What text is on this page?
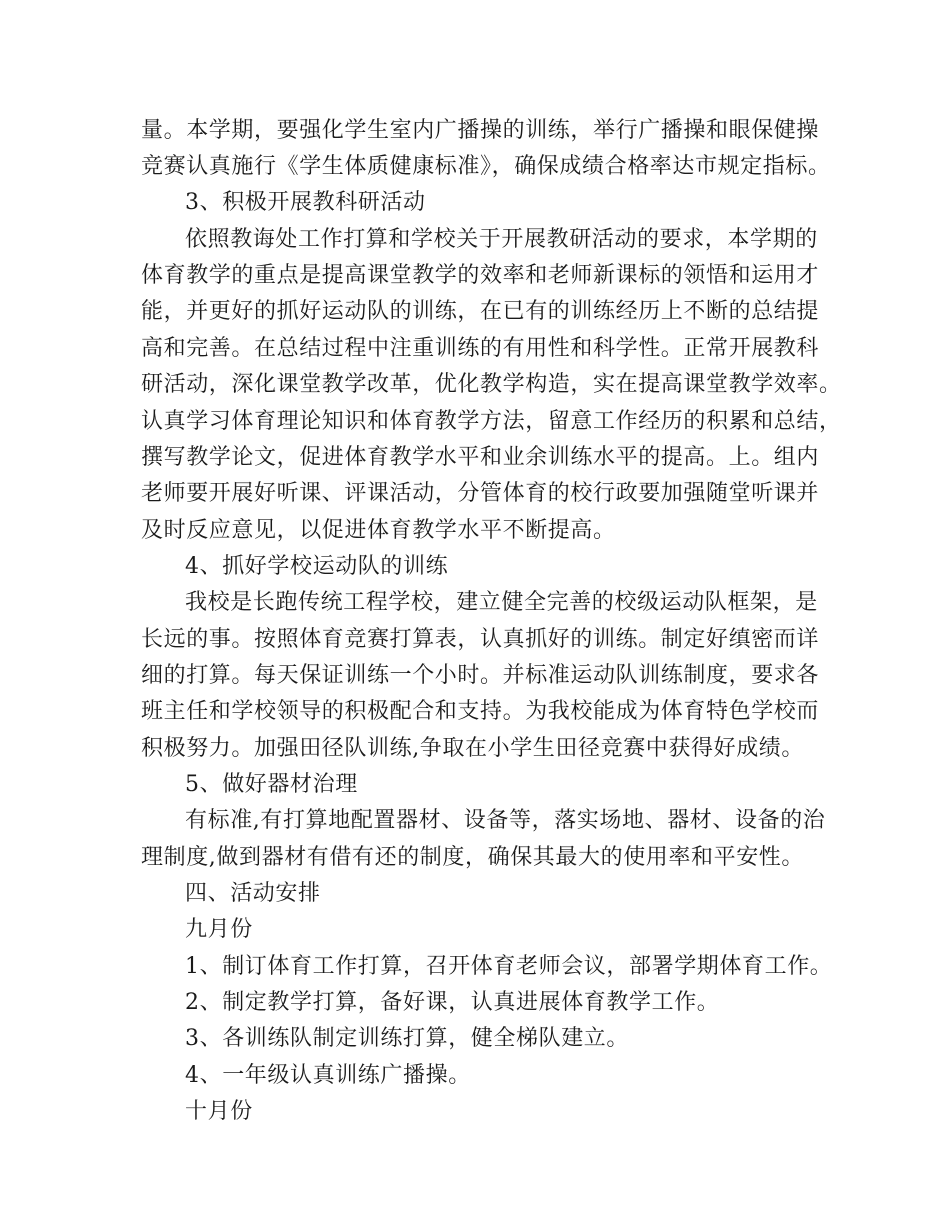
量。本学期，要强化学生室内广播操的训练，举行广播操和眼保健操
竞赛认真施行《学生体质健康标准》，确保成绩合格率达市规定指标。
3、积极开展教科研活动
依照教诲处工作打算和学校关于开展教研活动的要求，本学期的
体育教学的重点是提高课堂教学的效率和老师新课标的领悟和运用才
能，并更好的抓好运动队的训练，在已有的训练经历上不断的总结提
高和完善。在总结过程中注重训练的有用性和科学性。正常开展教科
研活动，深化课堂教学改革，优化教学构造，实在提高课堂教学效率。
认真学习体育理论知识和体育教学方法，留意工作经历的积累和总结，
撰写教学论文，促进体育教学水平和业余训练水平的提高。上。组内
老师要开展好听课、评课活动，分管体育的校行政要加强随堂听课并
及时反应意见，以促进体育教学水平不断提高。
4、抓好学校运动队的训练
我校是长跑传统工程学校，建立健全完善的校级运动队框架，是
长远的事。按照体育竞赛打算表，认真抓好的训练。制定好缜密而详
细的打算。每天保证训练一个小时。并标准运动队训练制度，要求各
班主任和学校领导的积极配合和支持。为我校能成为体育特色学校而
积极努力。加强田径队训练,争取在小学生田径竞赛中获得好成绩。
5、做好器材治理
有标准,有打算地配置器材、设备等，落实场地、器材、设备的治
理制度,做到器材有借有还的制度，确保其最大的使用率和平安性。
四、活动安排
九月份
1、制订体育工作打算，召开体育老师会议，部署学期体育工作。
2、制定教学打算，备好课，认真进展体育教学工作。
3、各训练队制定训练打算，健全梯队建立。
4、一年级认真训练广播操。
十月份
